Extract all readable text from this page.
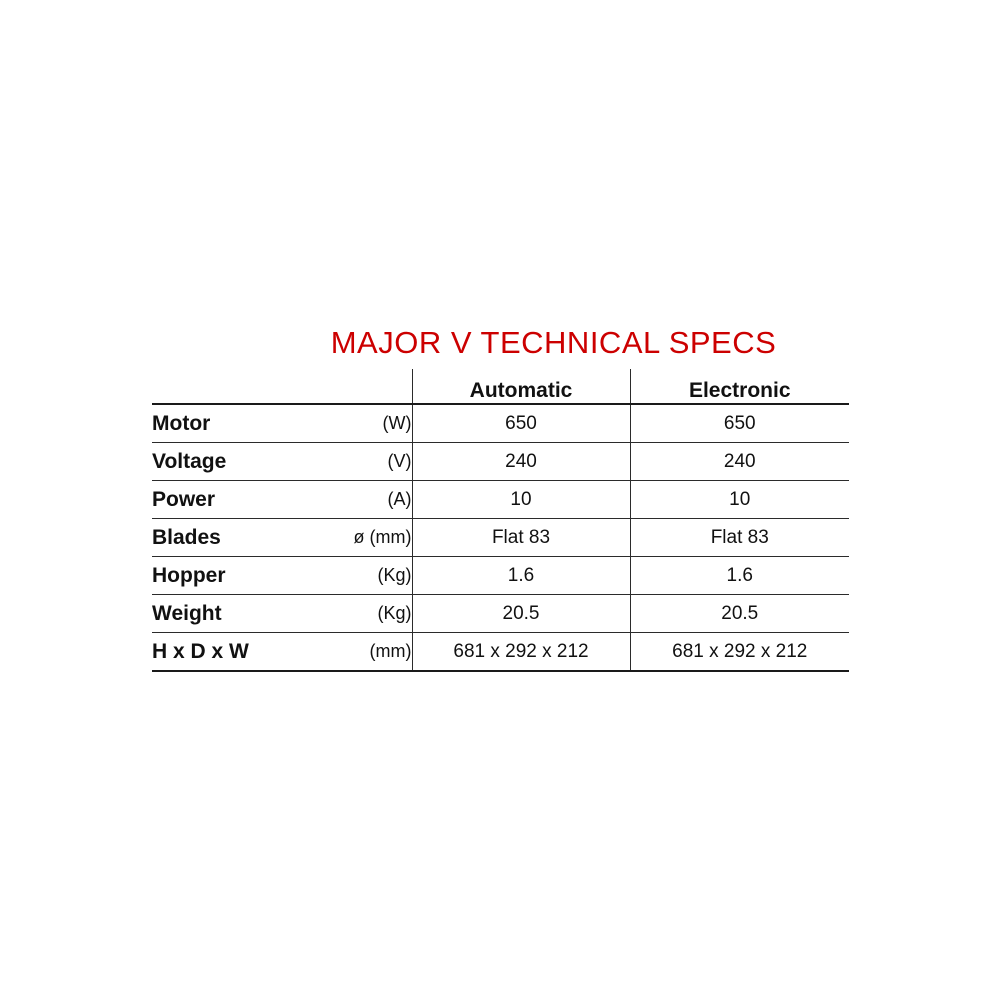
MAJOR V TECHNICAL SPECS
		Automatic	Electronic
Motor	(W)	650	650
Voltage	(V)	240	240
Power	(A)	10	10
Blades	ø (mm)	Flat 83	Flat 83
Hopper	(Kg)	1.6	1.6
Weight	(Kg)	20.5	20.5
H x D x W	(mm)	681 x 292 x 212	681 x 292 x 212
